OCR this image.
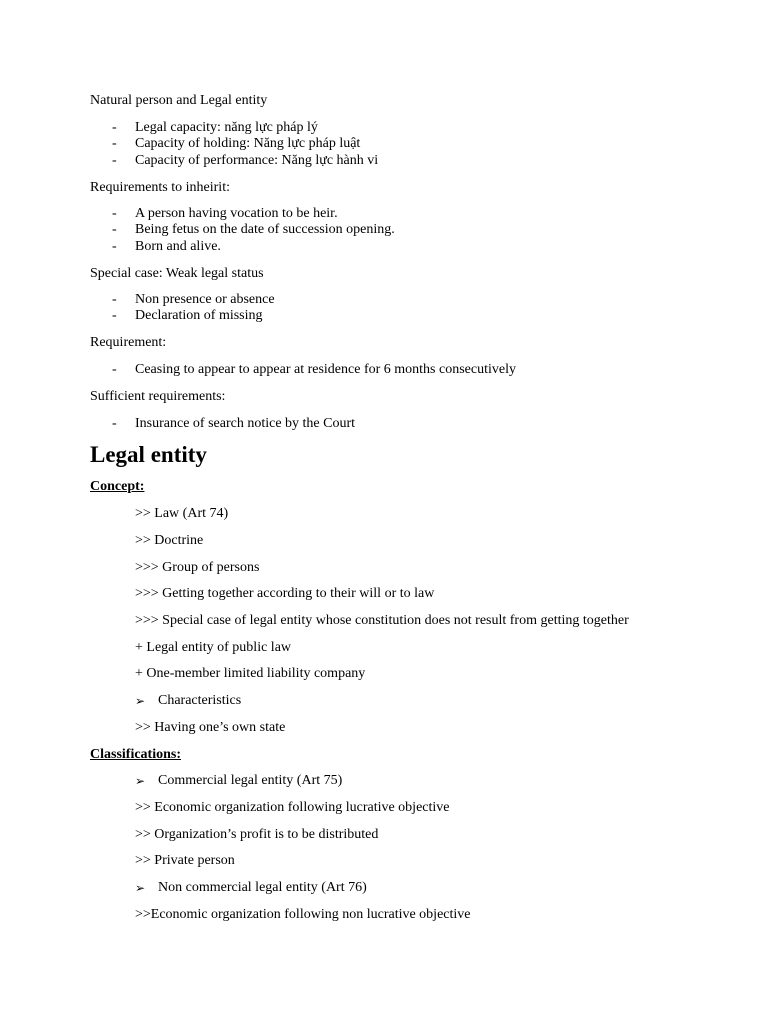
Natural person and Legal entity
- Legal capacity: năng lực pháp lý
- Capacity of holding: Năng lực pháp luật
- Capacity of performance: Năng lực hành vi
Requirements to inheirit:
- A person having vocation to be heir.
- Being fetus on the date of succession opening.
- Born and alive.
Special case: Weak legal status
- Non presence or absence
- Declaration of missing
Requirement:
- Ceasing to appear to appear at residence for 6 months consecutively
Sufficient requirements:
- Insurance of search notice by the Court
Legal entity
Concept:
>> Law (Art 74)
>> Doctrine
>>> Group of persons
>>> Getting together according to their will or to law
>>> Special case of legal entity whose constitution does not result from getting together
+ Legal entity of public law
+ One-member limited liability company
➢ Characteristics
>> Having one’s own state
Classifications:
➢ Commercial legal entity (Art 75)
>> Economic organization following lucrative objective
>> Organization’s profit is to be distributed
>> Private person
➢ Non commercial legal entity (Art 76)
>>Economic organization following non lucrative objective
